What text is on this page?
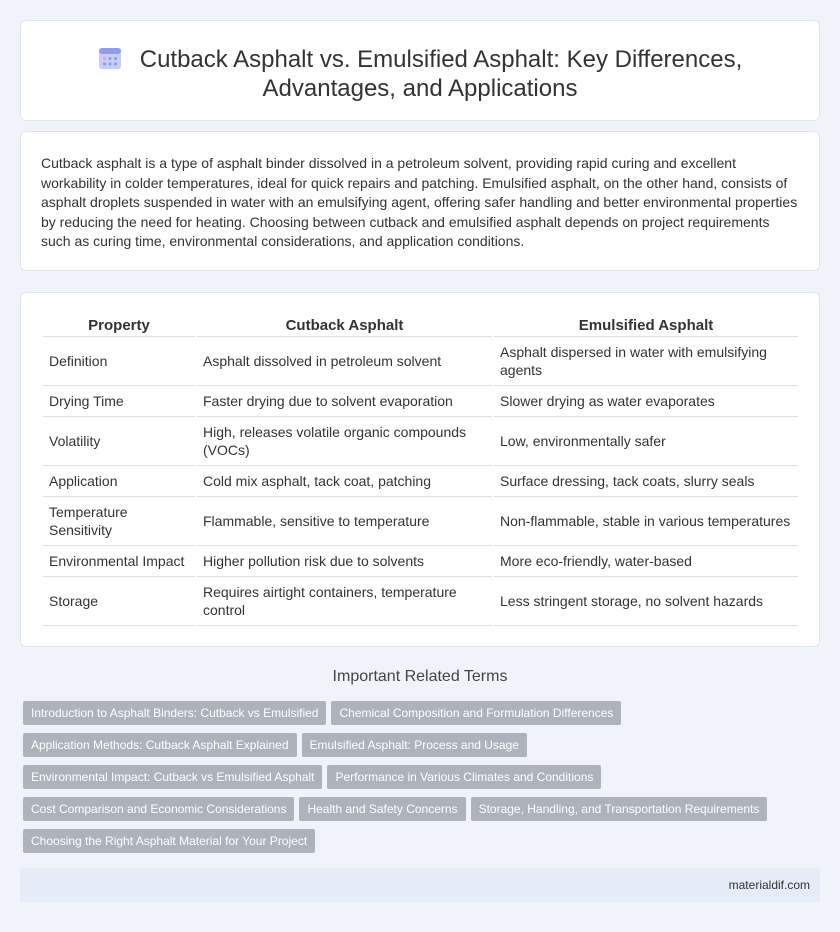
Cutback Asphalt vs. Emulsified Asphalt: Key Differences,
Advantages, and Applications

Cutback asphalt is a type of asphalt binder dissolved in a petroleum solvent, providing rapid curing and excellent workability in colder temperatures, ideal for quick repairs and patching. Emulsified asphalt, on the other hand, consists of asphalt droplets suspended in water with an emulsifying agent, offering safer handling and better environmental properties by reducing the need for heating. Choosing between cutback and emulsified asphalt depends on project requirements such as curing time, environmental considerations, and application conditions.

Property	Cutback Asphalt	Emulsified Asphalt
Definition	Asphalt dissolved in petroleum solvent	Asphalt dispersed in water with emulsifying agents
Drying Time	Faster drying due to solvent evaporation	Slower drying as water evaporates
Volatility	High, releases volatile organic compounds (VOCs)	Low, environmentally safer
Application	Cold mix asphalt, tack coat, patching	Surface dressing, tack coats, slurry seals
Temperature Sensitivity	Flammable, sensitive to temperature	Non-flammable, stable in various temperatures
Environmental Impact	Higher pollution risk due to solvents	More eco-friendly, water-based
Storage	Requires airtight containers, temperature control	Less stringent storage, no solvent hazards
Important Related Terms
Introduction to Asphalt Binders: Cutback vs Emulsified Chemical Composition and Formulation Differences
Application Methods: Cutback Asphalt Explained Emulsified Asphalt: Process and Usage
Environmental Impact: Cutback vs Emulsified Asphalt Performance in Various Climates and Conditions
Cost Comparison and Economic Considerations Health and Safety Concerns Storage, Handling, and Transportation Requirements
Choosing the Right Asphalt Material for Your Project
materialdif.com
